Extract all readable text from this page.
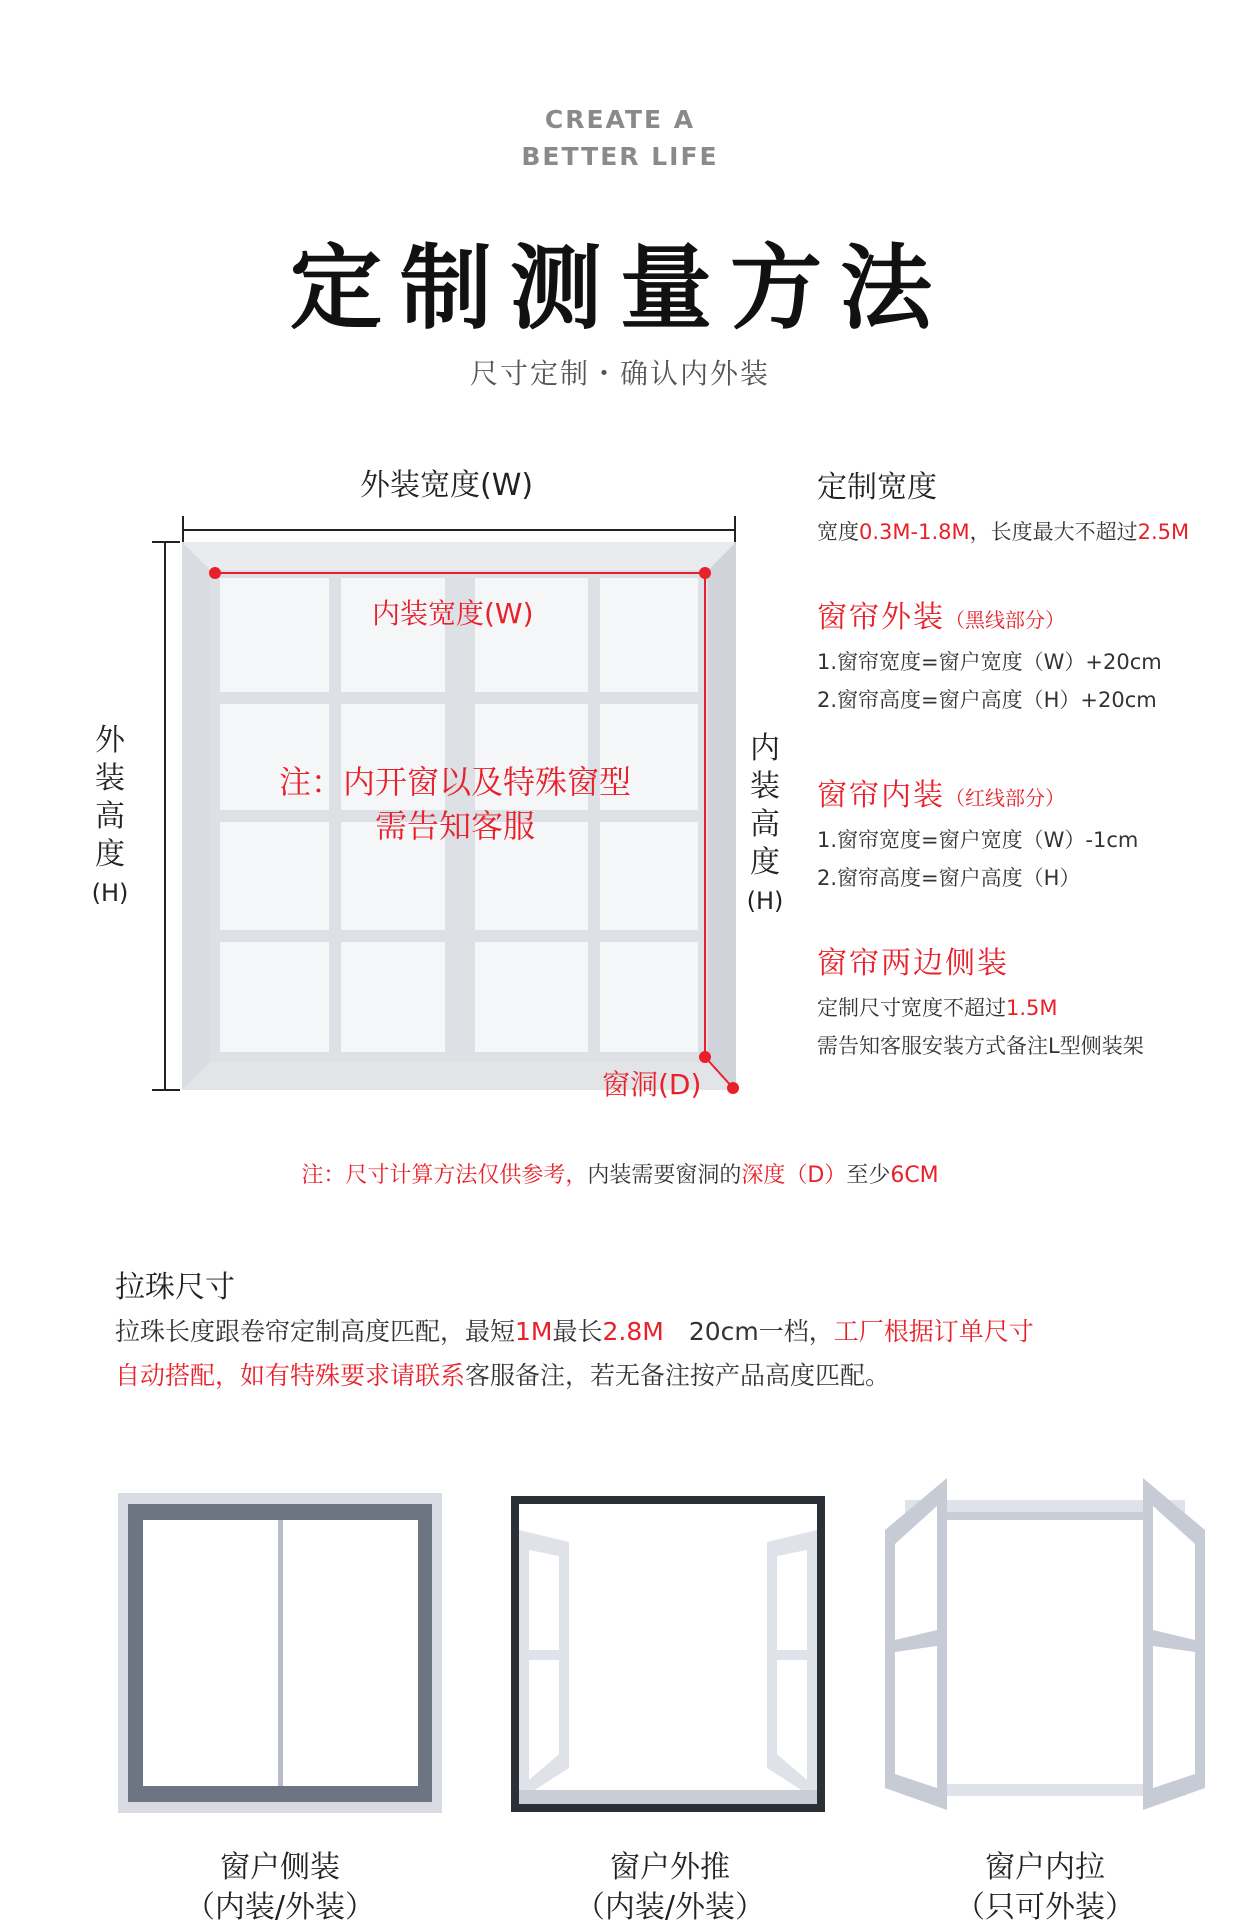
CREATE A
BETTER LIFE
定制测量方法
尺寸定制・确认内外装
外装宽度(W)
内装宽度(W)
外
装
高
度
(H)
内
装
高
度
(H)
注：内开窗以及特殊窗型
需告知客服
窗洞(D)
定制宽度
宽度0.3M-1.8M，长度最大不超过2.5M
窗帘外装（黑线部分）
1.窗帘宽度=窗户宽度（W）+20cm
2.窗帘高度=窗户高度（H）+20cm
窗帘内装（红线部分）
1.窗帘宽度=窗户宽度（W）-1cm
2.窗帘高度=窗户高度（H）
窗帘两边侧装
定制尺寸宽度不超过1.5M
需告知客服安装方式备注L型侧装架
注：尺寸计算方法仅供参考，内装需要窗洞的深度（D）至少6CM
拉珠尺寸
拉珠长度跟卷帘定制高度匹配，最短1M最长2.8M　20cm一档，工厂根据订单尺寸
自动搭配，如有特殊要求请联系客服备注，若无备注按产品高度匹配。
窗户侧装
（内装/外装）
窗户外推
（内装/外装）
窗户内拉
（只可外装）
